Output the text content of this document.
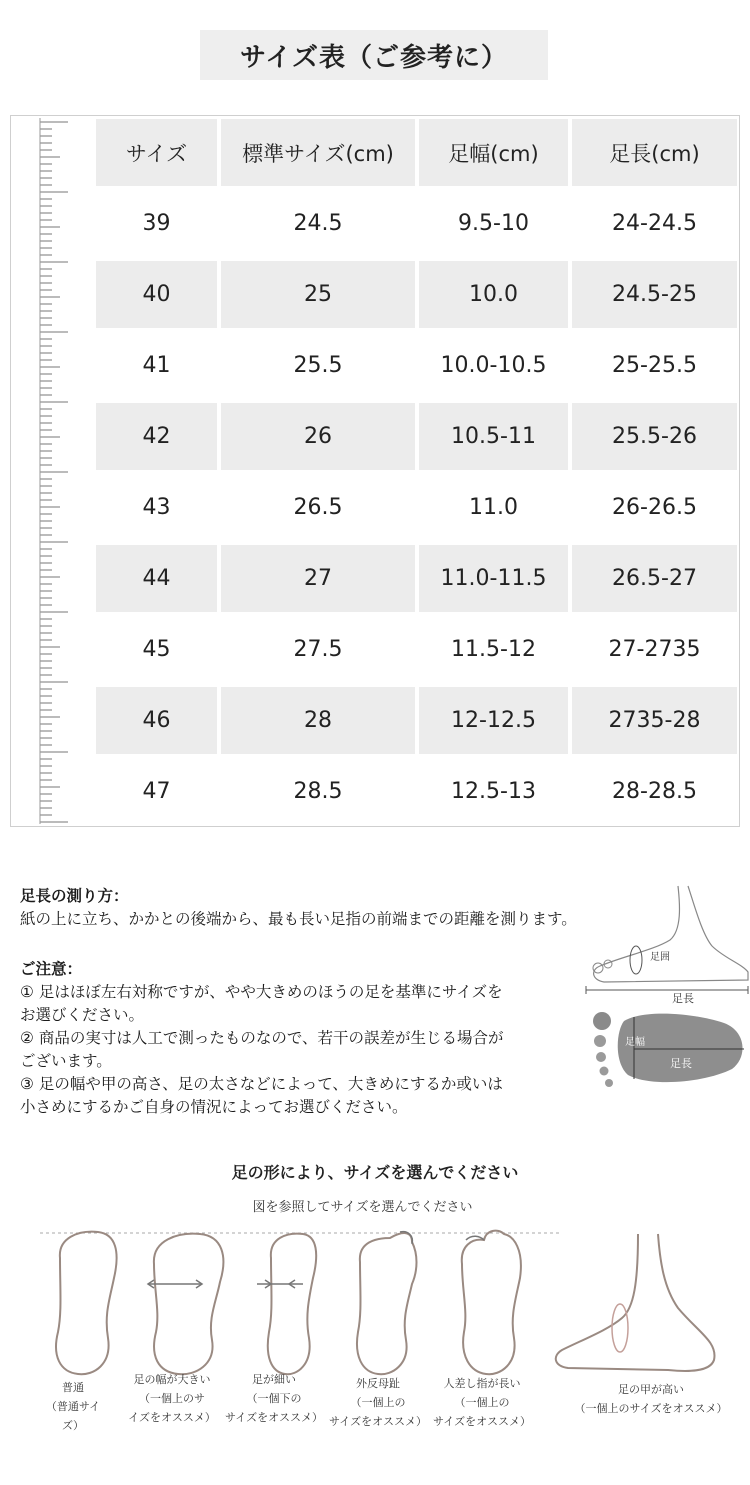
サイズ表（ご参考に）
サイズ	標準サイズ(cm)	足幅(cm)	足長(cm)
39	24.5	9.5-10	24-24.5
40	25	10.0	24.5-25
41	25.5	10.0-10.5	25-25.5
42	26	10.5-11	25.5-26
43	26.5	11.0	26-26.5
44	27	11.0-11.5	26.5-27
45	27.5	11.5-12	27-2735
46	28	12-12.5	2735-28
47	28.5	12.5-13	28-28.5
足長の測り方：
紙の上に立ち、かかとの後端から、最も長い足指の前端までの距離を測ります。
ご注意：
① 足はほぼ左右対称ですが、やや大きめのほうの足を基準にサイズを
お選びください。
② 商品の実寸は人工で測ったものなので、若干の誤差が生じる場合が
ございます。
③ 足の幅や甲の高さ、足の太さなどによって、大きめにするか或いは
小さめにするかご自身の情況によってお選びください。
足囲
足長
足幅
足長
足の形により、サイズを選んでください
図を参照してサイズを選んでください
普通
（普通サイズ）
足の幅が大きい
（一個上のサ
イズをオススメ）
足が細い
（一個下の
サイズをオススメ）
外反母趾
（一個上の
サイズをオススメ）
人差し指が長い
（一個上の
サイズをオススメ）
足の甲が高い
（一個上のサイズをオススメ）
